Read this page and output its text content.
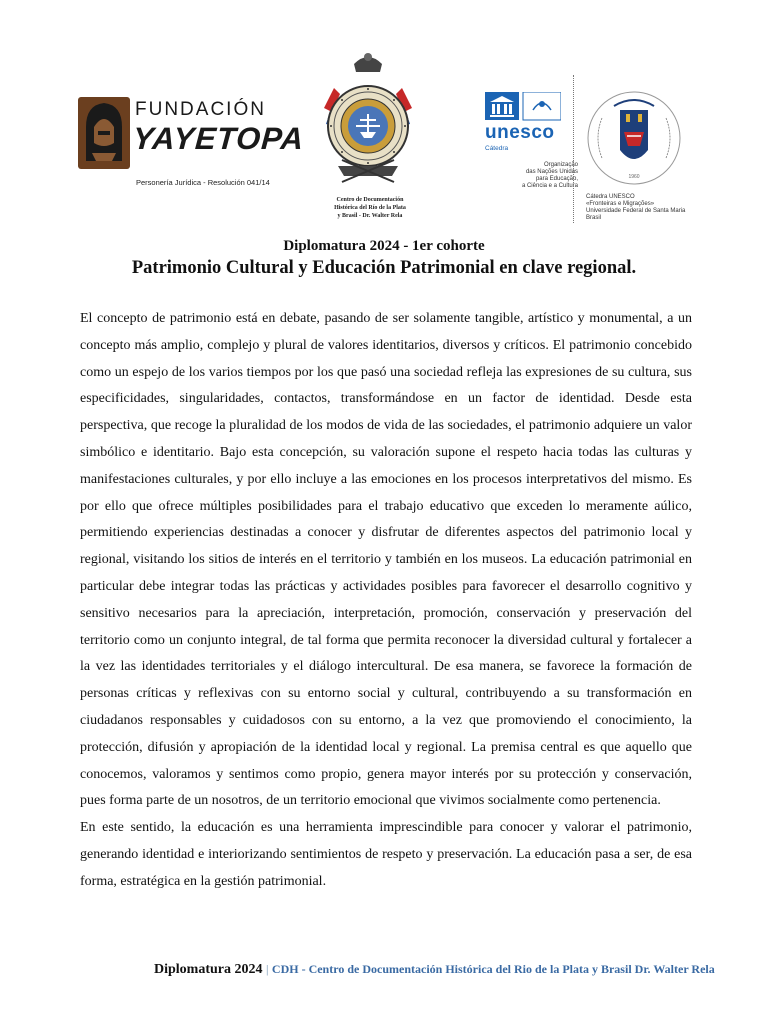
FUNDACIÓN
YAYETOPA
Personería Jurídica - Resolución 041/14
Centro de Documentación
Histórica del Río de la Plata
y Brasil - Dr. Walter Rela
unesco
Cátedra
Organização
das Nações Unidas
para Educação,
a Ciência e a Cultura
1960
Cátedra UNESCO
«Fronteiras e Migrações»
Universidade Federal de Santa Maria
Brasil
Diplomatura 2024 - 1er cohorte
Patrimonio Cultural y Educación Patrimonial en clave regional.

El concepto de patrimonio está en debate, pasando de ser solamente tangible, artístico y monumental, a un concepto más amplio, complejo y plural de valores identitarios, diversos y críticos. El patrimonio concebido como un espejo de los varios tiempos por los que pasó una sociedad refleja las expresiones de su cultura, sus especificidades, singularidades, contactos, transformándose en un factor de identidad. Desde esta perspectiva, que recoge la pluralidad de los modos de vida de las sociedades, el patrimonio adquiere un valor simbólico e identitario. Bajo esta concepción, su valoración supone el respeto hacia todas las culturas y manifestaciones culturales, y por ello incluye a las emociones en los procesos interpretativos del mismo. Es por ello que ofrece múltiples posibilidades para el trabajo educativo que exceden lo meramente aúlico, permitiendo experiencias destinadas a conocer y disfrutar de diferentes aspectos del patrimonio local y regional, visitando los sitios de interés en el territorio y también en los museos. La educación patrimonial en particular debe integrar todas las prácticas y actividades posibles para favorecer el desarrollo cognitivo y sensitivo necesarios para la apreciación, interpretación, promoción, conservación y preservación del territorio como un conjunto integral, de tal forma que permita reconocer la diversidad cultural y fortalecer a la vez las identidades territoriales y el diálogo intercultural. De esa manera, se favorece la formación de personas críticas y reflexivas con su entorno social y cultural, contribuyendo a su transformación en ciudadanos responsables y cuidadosos con su entorno, a la vez que promoviendo el conocimiento, la protección, difusión y apropiación de la identidad local y regional. La premisa central es que aquello que conocemos, valoramos y sentimos como propio, genera mayor interés por su protección y conservación, pues forma parte de un nosotros, de un territorio emocional que vivimos socialmente como pertenencia.

En este sentido, la educación es una herramienta imprescindible para conocer y valorar el patrimonio, generando identidad e interiorizando sentimientos de respeto y preservación. La educación pasa a ser, de esa forma, estratégica en la gestión patrimonial.

Diplomatura 2024 | CDH - Centro de Documentación Histórica del Rio de la Plata y Brasil Dr. Walter Rela
